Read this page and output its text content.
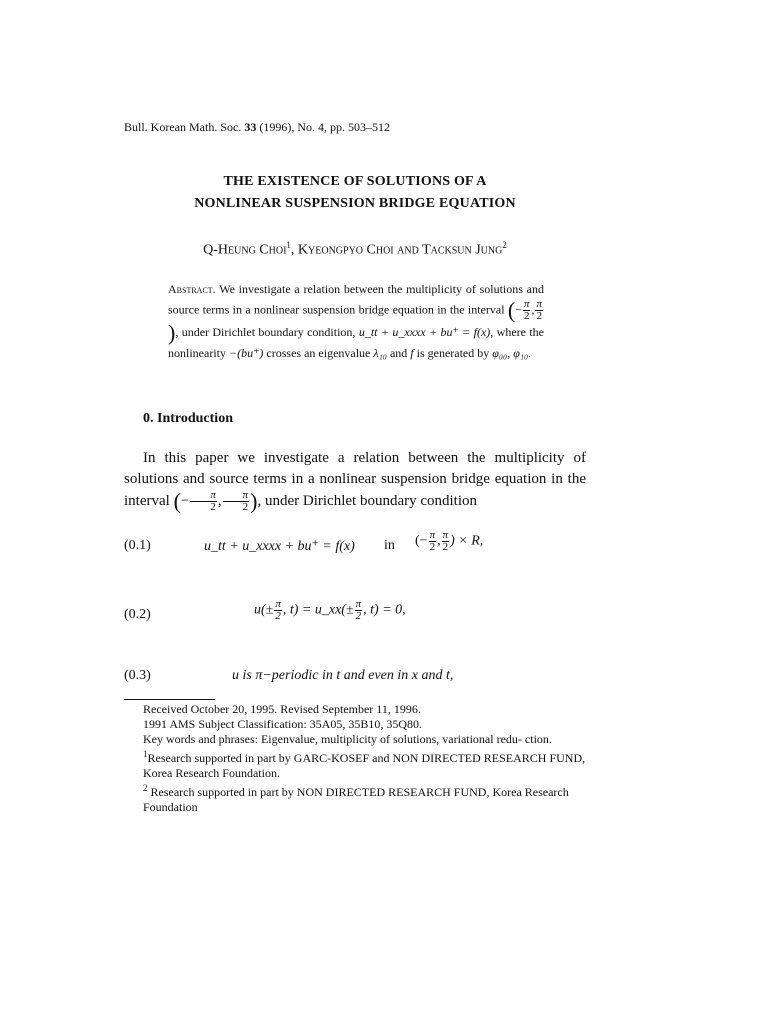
Bull. Korean Math. Soc. 33 (1996), No. 4, pp. 503–512
THE EXISTENCE OF SOLUTIONS OF A
NONLINEAR SUSPENSION BRIDGE EQUATION
Q-Heung Choi$^1$, Kyeongpyo Choi and Tacksun Jung$^2$
Abstract. We investigate a relation between the multiplicity of solutions and source terms in a nonlinear suspension bridge equation in the interval (− $\frac{\pi}{2}$ , $\frac{\pi}{2}$
), under Dirichlet boundary condition, u_tt + u_xxxx + bu⁺ = f(x), where the nonlinearity −(bu⁺) crosses an eigenvalue λ₁₀ and f is generated by φ₀₀, φ₁₀.
0. Introduction

In this paper we investigate a relation between the multiplicity of solutions and source terms in a nonlinear suspension bridge equation in the interval (− $\frac{\pi}{2}$ , $\frac{\pi}{2}$ ), under Dirichlet boundary condition

(0.1)	u_tt + u_xxxx + bu⁺ = f(x) in (− $\frac{\pi}{2}$ , $\frac{\pi}{2}$ ) × R,
(0.2)	$u(\pm \frac{\pi}{2}$ , t) = u_xx(± $\frac{\pi}{2}$ , t) = 0,
(0.3)	u is π−periodic in t and even in x and t,

Received October 20, 1995. Revised September 11, 1996.

1991 AMS Subject Classification: 35A05, 35B10, 35Q80.

Key words and phrases: Eigenvalue, multiplicity of solutions, variational redu- ction.

$^1$Research supported in part by GARC-KOSEF and NON DIRECTED RESEARCH FUND, Korea Research Foundation.

$^2$ Research supported in part by NON DIRECTED RESEARCH FUND, Korea Research Foundation
